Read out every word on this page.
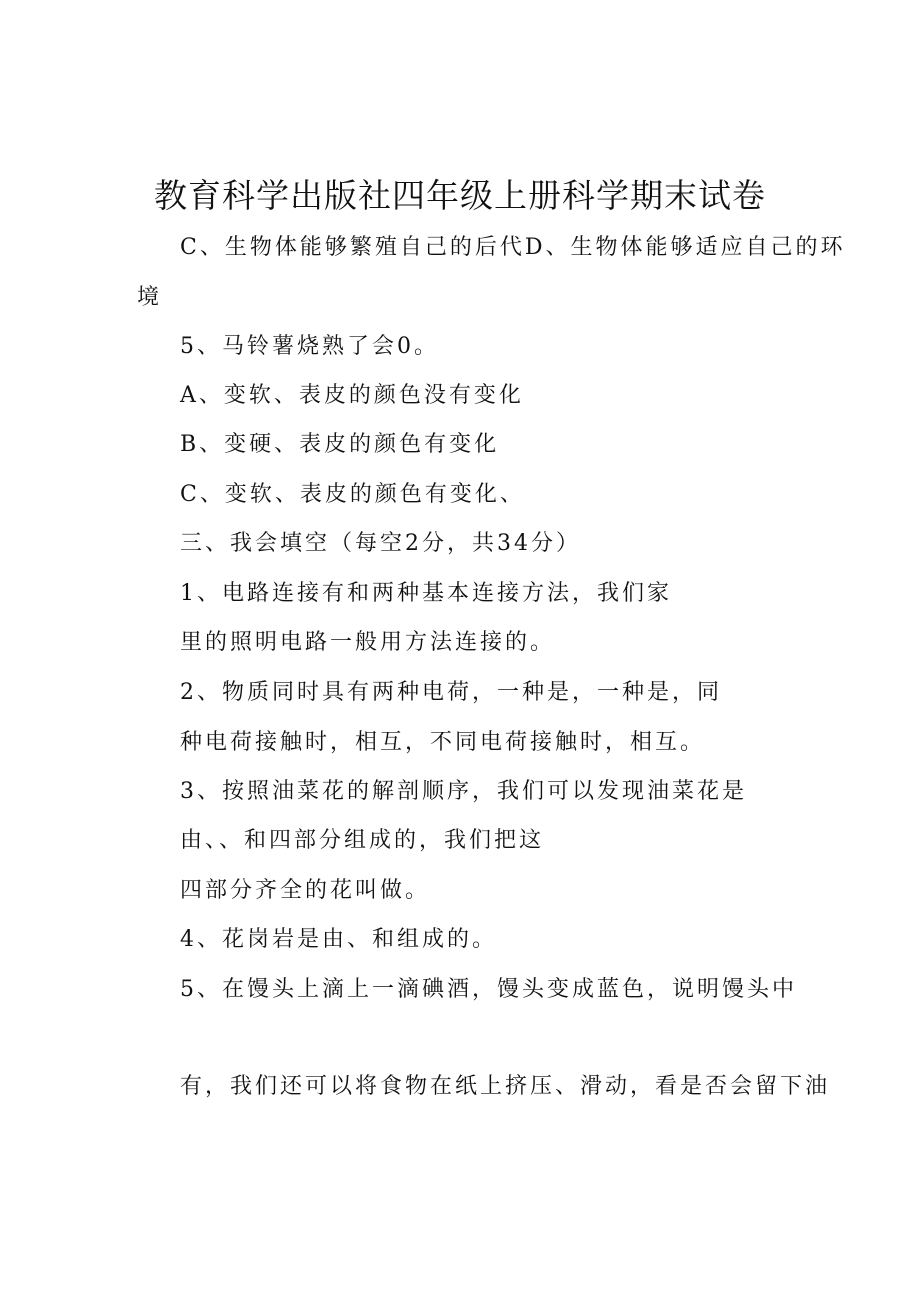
教育科学出版社四年级上册科学期末试卷
C、生物体能够繁殖自己的后代D、生物体能够适应自己的环
境
5、马铃薯烧熟了会0。
A、变软、表皮的颜色没有变化
B、变硬、表皮的颜色有变化
C、变软、表皮的颜色有变化、
三、我会填空（每空2分，共34分）
1、电路连接有和两种基本连接方法，我们家
里的照明电路一般用方法连接的。
2、物质同时具有两种电荷，一种是，一种是，同
种电荷接触时，相互，不同电荷接触时，相互。
3、按照油菜花的解剖顺序，我们可以发现油菜花是
由、、和四部分组成的，我们把这
四部分齐全的花叫做。
4、花岗岩是由、和组成的。
5、在馒头上滴上一滴碘酒，馒头变成蓝色，说明馒头中
有，我们还可以将食物在纸上挤压、滑动，看是否会留下油
